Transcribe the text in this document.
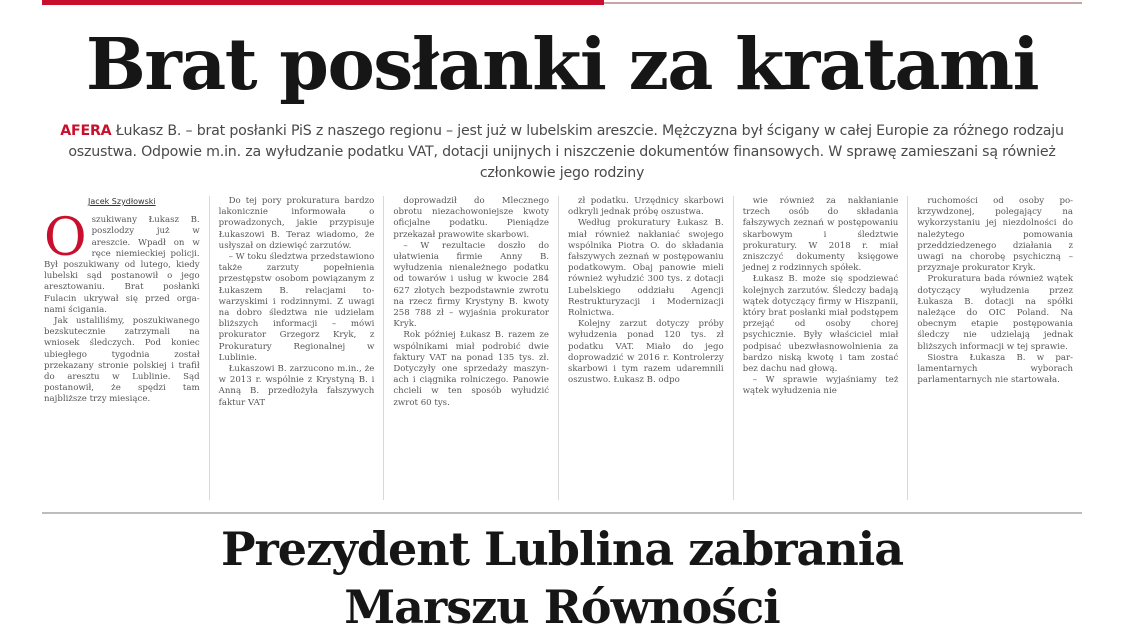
Brat posłanki za kratami

AFERA Łukasz B. – brat posłanki PiS z naszego regionu – jest już w lubelskim areszcie. Mężczyzna był ścigany w całej Europie za różnego rodzaju oszustwa. Odpowie m.in. za wyłudzanie podatku VAT, dotacji unijnych i niszczenie dokumentów finansowych. W sprawę zamieszani są również członkowie jego rodziny

Jacek Szydłowski
O szukiwany Łukasz B. poszlodzy już w areszcie. Wpadł on w ręce niemieckiej policji. Był poszukiwany od lutego, kiedy lubelski sąd postanowił o jego aresztowaniu. Brat posłanki Fulacin ukrywał się przed organami ścigania.

Jak ustaliliśmy, poszukiwanego bezskutecznie zatrzymali na wniosek śledczych. Pod koniec ubiegłego tygodnia został przekazany stronie polskiej i trafił do aresztu w Lublinie. Sąd postanowił, że spędzi tam najbliższe trzy miesiące.

Do tej pory prokuratura bardzo lakonicznie informowała o prowadzonych, jakie przypisuje Łukaszowi B. Teraz wiadomo, że usłyszał on dziewięć zarzutów.

– W toku śledztwa przedstawiono także zarzuty popełnienia przestępstw osobom powiązanym z Łukaszem B. relacjami towarzyskimi i rodzinnymi. Z uwagi na dobro śledztwa nie udzielam bliższych informacji – mówi prokurator Grzegorz Kryk, z Prokuratury Regionalnej w Lublinie.

Łukaszowi B. zarzucono m.in., że w 2013 r. wspólnie z Krystyną B. i Anną B. przedłożyła fałszywych faktur VAT

doprowadził do Mlecznego obrotu niezachowoniejsze kwoty oficjalne podatku. Pieniądze przekazał prawowite skarbowi.

– W rezultacie doszło do ułatwienia firmie Anny B. wyłudzenia nienależnego podatku od towarów i usług w kwocie 284 627 złotych bezpodstawnie zwrotu na rzecz firmy Krystyny B. kwoty 258 788 zł – wyjaśnia prokurator Kryk.

Rok później Łukasz B. razem ze wspólnikami miał podrobić dwie faktury VAT na ponad 135 tys. zł. Dotyczyły one sprzedaży maszynach i ciągnika rolniczego. Panowie chcieli w ten sposób wyłudzić zwrot 60 tys.

zł podatku. Urzędnicy skarbowi odkryli jednak próbę oszustwa.

Według prokuratury Łukasz B. miał również nakłaniać swojego wspólnika Piotra O. do składania fałszywych zeznań w postępowaniu podatkowym. Obaj panowie mieli również wyłudzić 300 tys. z dotacji Lubelskiego oddziału Agencji Restrukturyzacji i Modernizacji Rolnictwa.

Kolejny zarzut dotyczy próby wyłudzenia ponad 120 tys. zł podatku VAT. Miało do jego doprowadzić w 2016 r. Kontrolerzy skarbowi i tym razem udaremnili oszustwo. Łukasz B. odpo

wie również za nakłanianie trzech osób do składania fałszywych zeznań w postępowaniu skarbowym i śledztwie prokuratury. W 2018 r. miał zniszczyć dokumenty księgowe jednej z rodzinnych spółek.

Łukasz B. może się spodziewać kolejnych zarzutów. Śledczy badają wątek dotyczący firmy w Hiszpanii, który brat posłanki miał podstępem przejąć od osoby chorej psychicznie. Były właściciel miał podpisać ubezwłasnowolnienia za bardzo niską kwotę i tam zostać bez dachu nad głową.

– W sprawie wyjaśniamy też wątek wyłudzenia nie

ruchomości od osoby pokrzywdzonej, polegający na wykorzystaniu jej niezdolności do należytego pomowania przeddziedzenego działania z uwagi na chorobę psychiczną – przyznaje prokurator Kryk.

Prokuratura bada również wątek dotyczący wyłudzenia przez Łukasza B. dotacji na spółki należące do OIC Poland. Na obecnym etapie postępowania śledczy nie udzielają jednak bliższych informacji w tej sprawie.

Siostra Łukasza B. w parlamentarnych wyborach parlamentarnych nie startowała.

Prezydent Lublina zabrania
Marszu Równości
